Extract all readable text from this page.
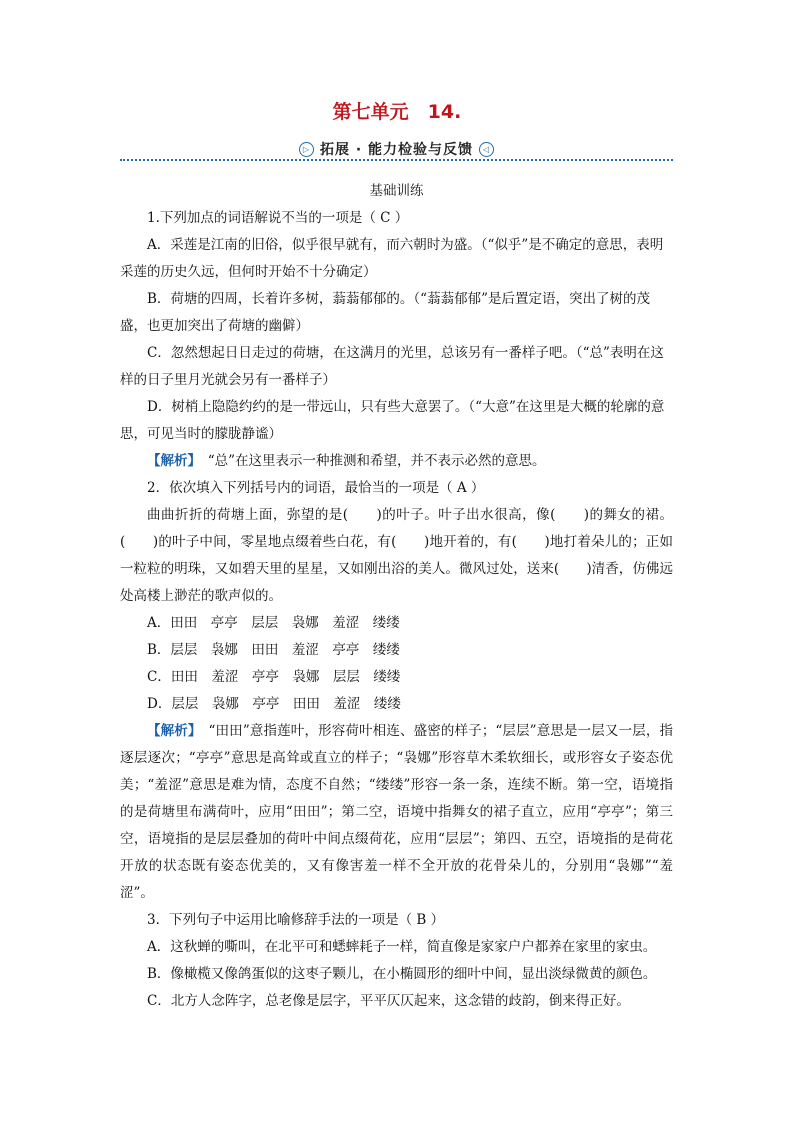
第七单元　14.
▷ 拓展 · 能力检验与反馈 ◁

基础训练

1.下列加点的词语解说不当的一项是（ C ）

A．采莲是江南的旧俗，似乎很早就有，而六朝时为盛。（“似乎”是不确定的意思，表明采莲的历史久远，但何时开始不十分确定）

B．荷塘的四周，长着许多树，蓊蓊郁郁的。（“蓊蓊郁郁”是后置定语，突出了树的茂盛，也更加突出了荷塘的幽僻）

C．忽然想起日日走过的荷塘，在这满月的光里，总该另有一番样子吧。（“总”表明在这样的日子里月光就会另有一番样子）

D．树梢上隐隐约约的是一带远山，只有些大意罢了。（“大意”在这里是大概的轮廓的意思，可见当时的朦胧静谧）

【解析】　“总”在这里表示一种推测和希望，并不表示必然的意思。

2．依次填入下列括号内的词语，最恰当的一项是（ A ）

曲曲折折的荷塘上面，弥望的是(　　)的叶子。叶子出水很高，像(　　)的舞女的裙。(　　)的叶子中间，零星地点缀着些白花，有(　　)地开着的，有(　　)地打着朵儿的；正如一粒粒的明珠，又如碧天里的星星，又如刚出浴的美人。微风过处，送来(　　)清香，仿佛远处高楼上渺茫的歌声似的。

A．田田　亭亭　层层　袅娜　羞涩　缕缕

B．层层　袅娜　田田　羞涩　亭亭　缕缕

C．田田　羞涩　亭亭　袅娜　层层　缕缕

D．层层　袅娜　亭亭　田田　羞涩　缕缕

【解析】　“田田”意指莲叶，形容荷叶相连、盛密的样子；“层层”意思是一层又一层，指逐层逐次；“亭亭”意思是高耸或直立的样子；“袅娜”形容草木柔软细长，或形容女子姿态优美；“羞涩”意思是难为情，态度不自然；“缕缕”形容一条一条，连续不断。第一空，语境指的是荷塘里布满荷叶，应用“田田”；第二空，语境中指舞女的裙子直立，应用“亭亭”；第三空，语境指的是层层叠加的荷叶中间点缀荷花，应用“层层”；第四、五空，语境指的是荷花开放的状态既有姿态优美的，又有像害羞一样不全开放的花骨朵儿的，分别用“袅娜”“羞涩”。

3．下列句子中运用比喻修辞手法的一项是（ B ）

A．这秋蝉的嘶叫，在北平可和蟋蟀耗子一样，简直像是家家户户都养在家里的家虫。

B．像橄榄又像鸽蛋似的这枣子颗儿，在小椭圆形的细叶中间，显出淡绿微黄的颜色。

C．北方人念阵字，总老像是层字，平平仄仄起来，这念错的歧韵，倒来得正好。
